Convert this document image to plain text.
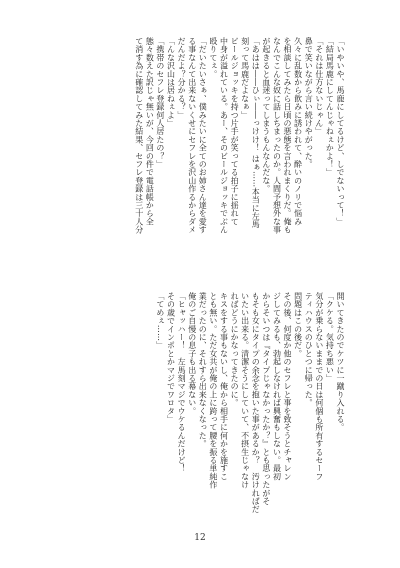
「いやいや、馬鹿にしてるけど、しでないって！」
「結局馬鹿にしてんじゃねぇかよ！」
「それは仕方ないじゃん」
鼻で笑いながら言い続けやがった。
久々に乱数から飲みに誘われて、酔いのノリで悩み
を相談してみたら日頃の悪態を言われまくりだ。俺も
なんでこんな奴に話しちまったのか。人間予想外な事
が起きると血迷ってしまうもんなんだな。
「あはは――ひぃ――っけけ！ はぁ……本当に左馬
刻って馬鹿だよなぁ」
ビールジョッキを持つ片手が笑ってる拍子に揺れて
中身が溢れている。あー、そのビールジョッキでぶん
殴りてぇ。
「だいたいさぁ、僕みたいに全てのお姉さん達を愛す
る事なんて出来ないくせにセフレを沢山作るからダメ
だんだよ？分かる？」
「んな沢山は居ねぇよ」
「携帯のセフレ登録何人居たの？」
態々数えた訳じゃ無いが、今回の件で電話帳から全
て消す為に確認してみた結果、セフレ登録は三十人分
開いてきたのでケツに一蹴り入れる。
「クケる。気持ち悪い」
気分が乗らないままでの日は何個も所有するセーフ
ティハウスのひとつに帰った。
問題はこの後だ。
その後、何度か他のセフレと事を致そうとチャレン
ジしてみるも、勃起しなければ興奮もしない。最初
からそいつは『タイプじゃなかったか？』とも思ったがそ
もそも女にタイプの余念を抱いた事があるか？　汚ければだ
いたい出来る。清潔そうにしていて、不摂生じゃなけ
ればどうにかなってきたのに。
キスをする事もないし、俺から相手に何かを施すこ
とも無い。ただ女共が俺の上に跨って腰を振る単純作
業だったのに、それすら出来なくなった。
俺のご自慢の息子も出る幕ない。
「ヒャッハー！　左馬刻マジでウケるんだけど！
その歳でインポとかマジでワロタ」
「てめぇ……」
12
